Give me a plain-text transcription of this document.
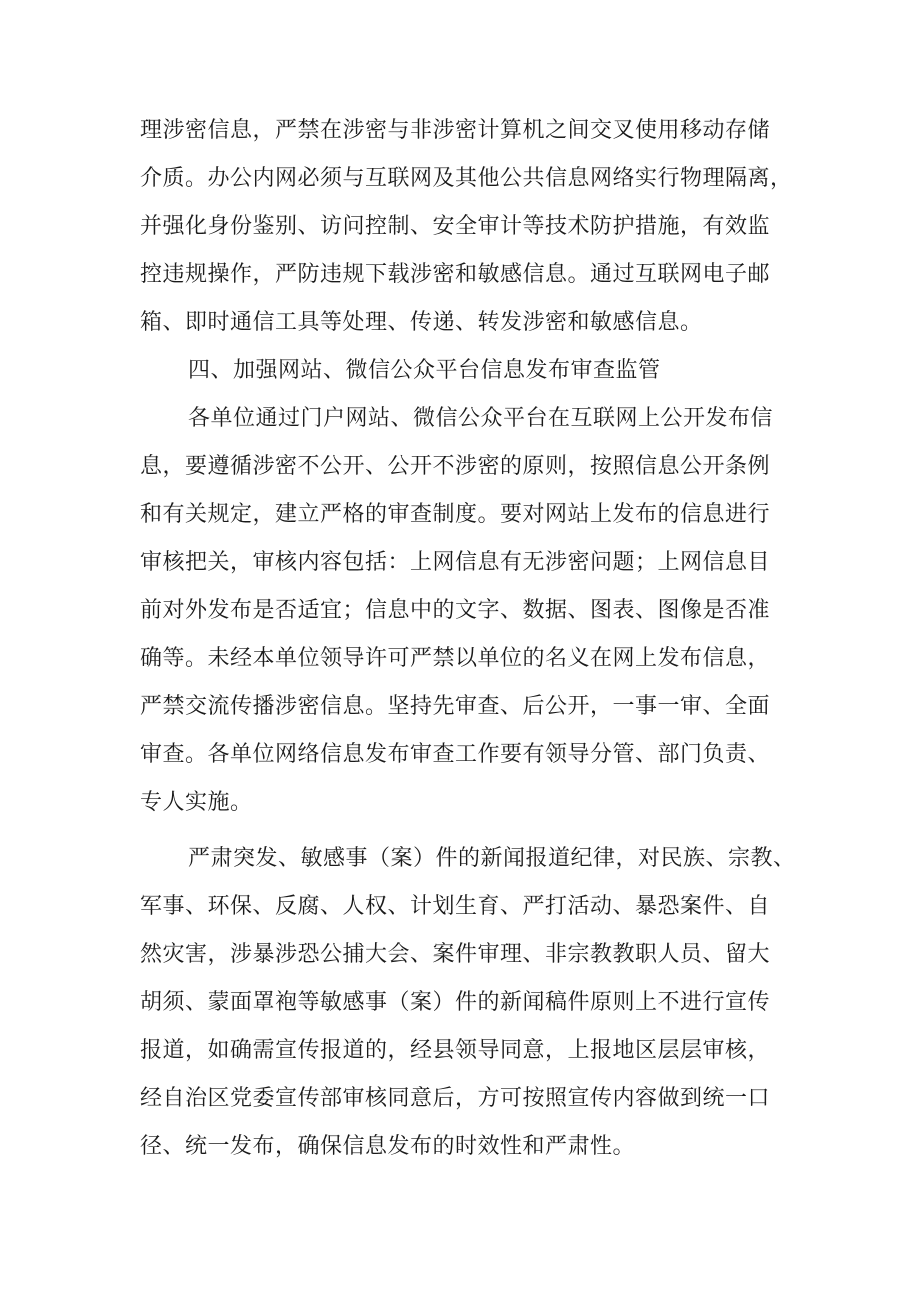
理涉密信息，严禁在涉密与非涉密计算机之间交叉使用移动存储
介质。办公内网必须与互联网及其他公共信息网络实行物理隔离，
并强化身份鉴别、访问控制、安全审计等技术防护措施，有效监
控违规操作，严防违规下载涉密和敏感信息。通过互联网电子邮
箱、即时通信工具等处理、传递、转发涉密和敏感信息。
四、加强网站、微信公众平台信息发布审查监管
各单位通过门户网站、微信公众平台在互联网上公开发布信
息，要遵循涉密不公开、公开不涉密的原则，按照信息公开条例
和有关规定，建立严格的审查制度。要对网站上发布的信息进行
审核把关，审核内容包括：上网信息有无涉密问题；上网信息目
前对外发布是否适宜；信息中的文字、数据、图表、图像是否准
确等。未经本单位领导许可严禁以单位的名义在网上发布信息，
严禁交流传播涉密信息。坚持先审查、后公开，一事一审、全面
审查。各单位网络信息发布审查工作要有领导分管、部门负责、
专人实施。
严肃突发、敏感事（案）件的新闻报道纪律，对民族、宗教、
军事、环保、反腐、人权、计划生育、严打活动、暴恐案件、自
然灾害，涉暴涉恐公捕大会、案件审理、非宗教教职人员、留大
胡须、蒙面罩袍等敏感事（案）件的新闻稿件原则上不进行宣传
报道，如确需宣传报道的，经县领导同意，上报地区层层审核，
经自治区党委宣传部审核同意后，方可按照宣传内容做到统一口
径、统一发布，确保信息发布的时效性和严肃性。
